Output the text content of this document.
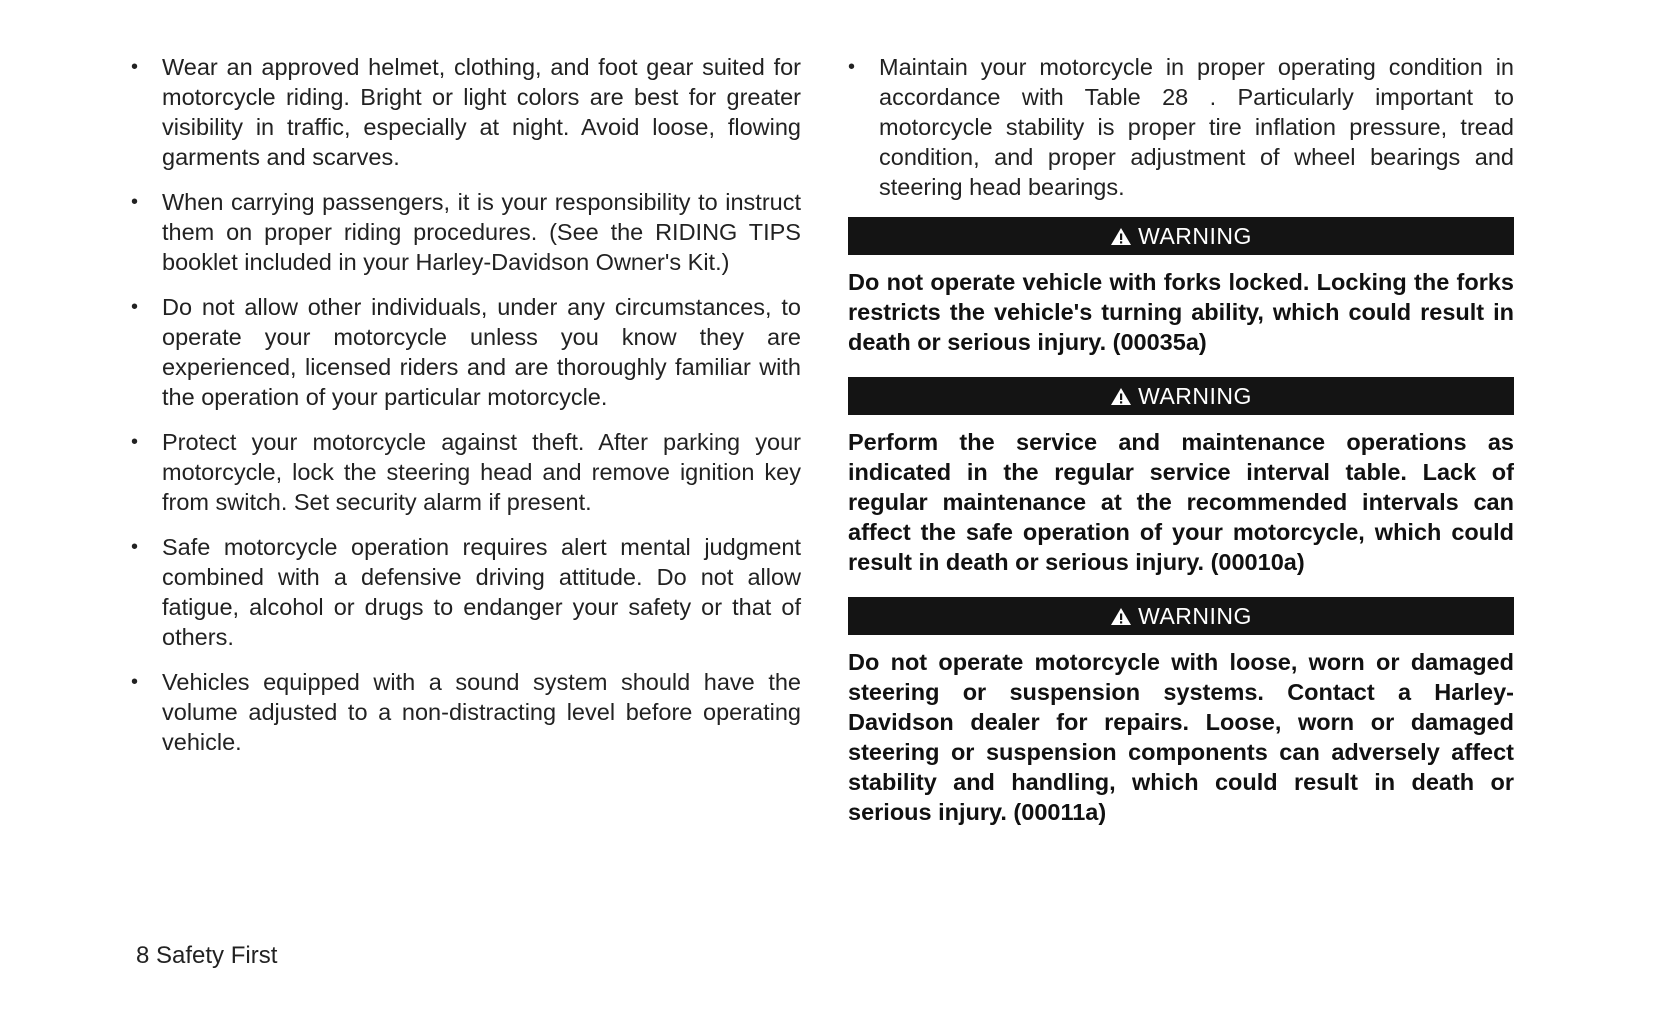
• Wear an approved helmet, clothing, and foot gear suited for motorcycle riding. Bright or light colors are best for greater visibility in traffic, especially at night. Avoid loose, flowing garments and scarves.
• When carrying passengers, it is your responsibility to instruct them on proper riding procedures. (See the RIDING TIPS booklet included in your Harley-Davidson Owner's Kit.)
• Do not allow other individuals, under any circumstances, to operate your motorcycle unless you know they are experienced, licensed riders and are thoroughly familiar with the operation of your particular motorcycle.
• Protect your motorcycle against theft. After parking your motorcycle, lock the steering head and remove ignition key from switch. Set security alarm if present.
• Safe motorcycle operation requires alert mental judgment combined with a defensive driving attitude. Do not allow fatigue, alcohol or drugs to endanger your safety or that of others.
• Vehicles equipped with a sound system should have the volume adjusted to a non-distracting level before operating vehicle.
• Maintain your motorcycle in proper operating condition in accordance with Table 28 . Particularly important to motorcycle stability is proper tire inflation pressure, tread condition, and proper adjustment of wheel bearings and steering head bearings.
WARNING
Do not operate vehicle with forks locked. Locking the forks restricts the vehicle's turning ability, which could result in death or serious injury. (00035a)
WARNING
Perform the service and maintenance operations as indicated in the regular service interval table. Lack of regular maintenance at the recommended intervals can affect the safe operation of your motorcycle, which could result in death or serious injury. (00010a)
WARNING
Do not operate motorcycle with loose, worn or damaged steering or suspension systems. Contact a Harley-Davidson dealer for repairs. Loose, worn or damaged steering or suspension components can adversely affect stability and handling, which could result in death or serious injury. (00011a)
8 Safety First
